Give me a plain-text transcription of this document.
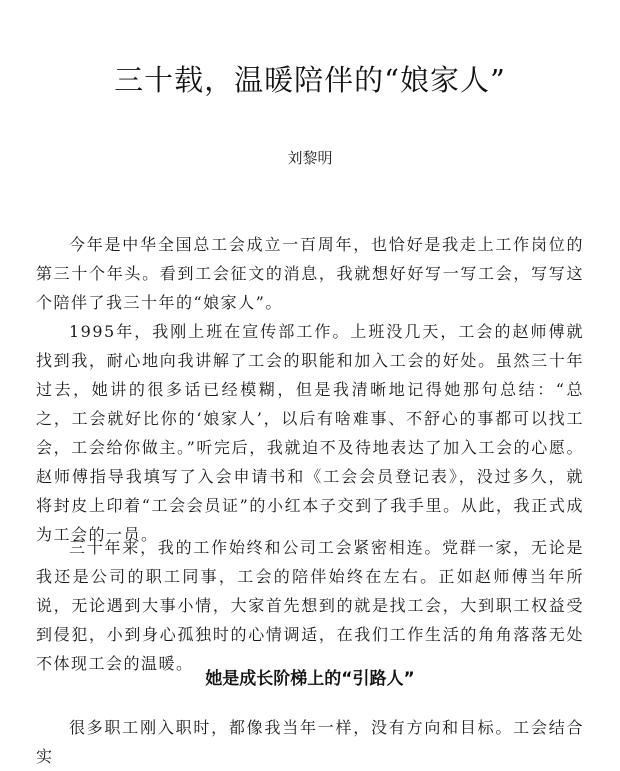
三十载，温暖陪伴的“娘家人”

刘黎明

今年是中华全国总工会成立一百周年，也恰好是我走上工作岗位的第三十个年头。看到工会征文的消息，我就想好好写一写工会，写写这个陪伴了我三十年的“娘家人”。

1995年，我刚上班在宣传部工作。上班没几天，工会的赵师傅就找到我，耐心地向我讲解了工会的职能和加入工会的好处。虽然三十年过去，她讲的很多话已经模糊，但是我清晰地记得她那句总结：“总之，工会就好比你的‘娘家人’，以后有啥难事、不舒心的事都可以找工会，工会给你做主。”听完后，我就迫不及待地表达了加入工会的心愿。赵师傅指导我填写了入会申请书和《工会会员登记表》，没过多久，就将封皮上印着“工会会员证”的小红本子交到了我手里。从此，我正式成为工会的一员。

三十年来，我的工作始终和公司工会紧密相连。党群一家，无论是我还是公司的职工同事，工会的陪伴始终在左右。正如赵师傅当年所说，无论遇到大事小情，大家首先想到的就是找工会，大到职工权益受到侵犯，小到身心孤独时的心情调适，在我们工作生活的角角落落无处不体现工会的温暖。

她是成长阶梯上的“引路人”

很多职工刚入职时，都像我当年一样，没有方向和目标。工会结合实
